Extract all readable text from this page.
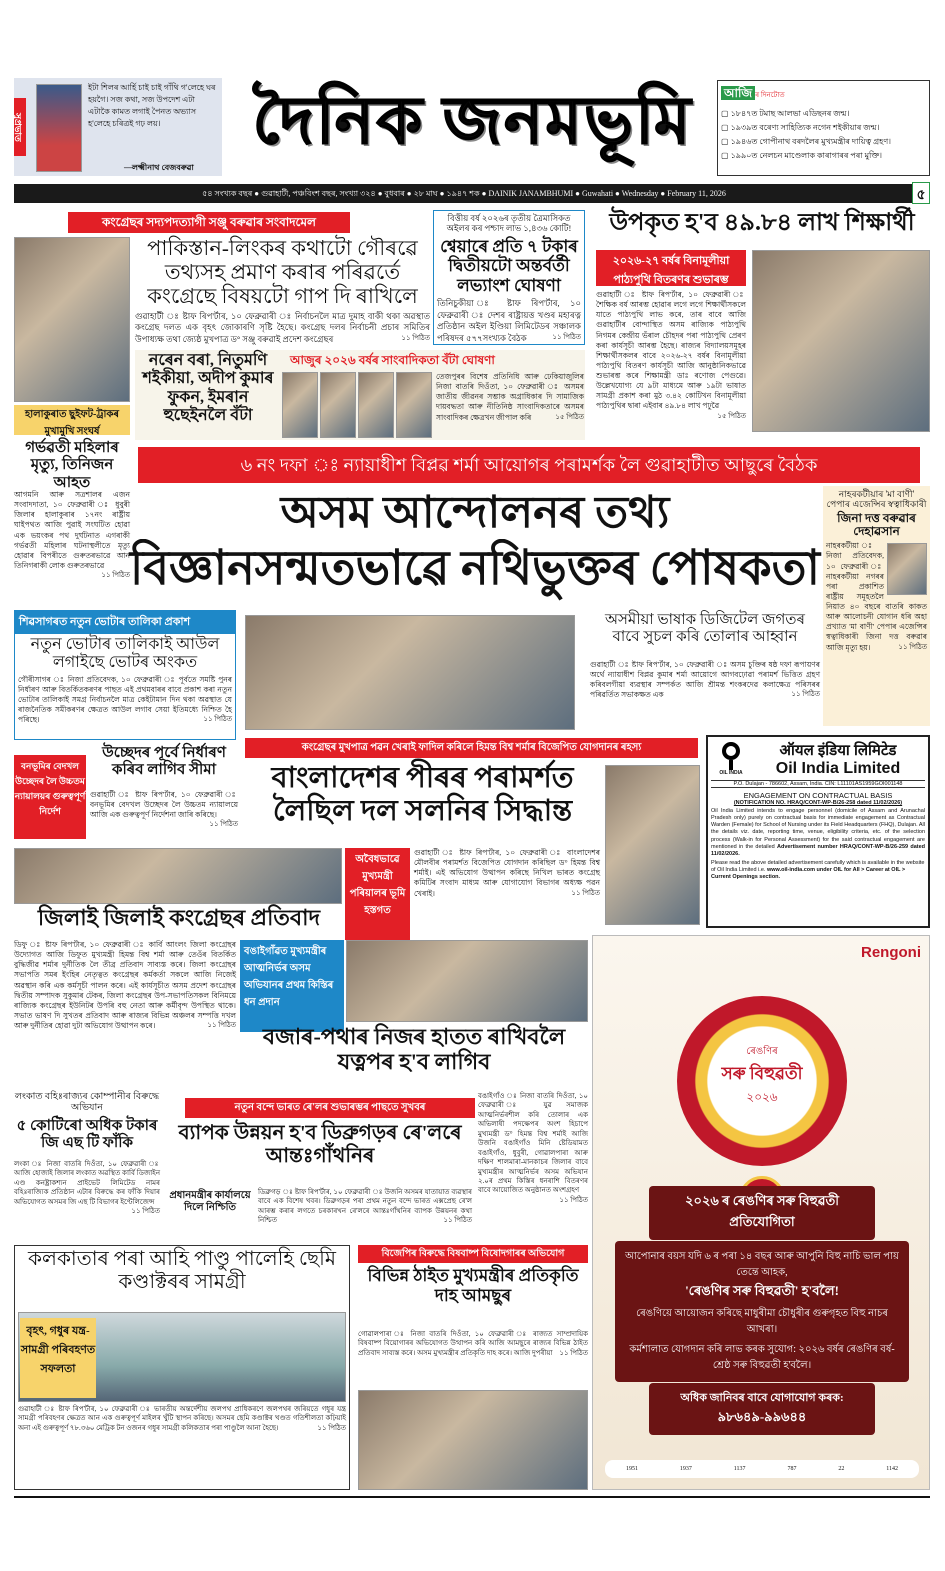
সুপ্ৰভাত
ইটা শিলৰ আৰ্হি চাই চাই গাঁথি গ'লেহে ঘৰ হয়গৈ। সজ কথা, সজ উপদেশ এটা এটাকৈ কামত লগাই পৈনত অভ্যাস হ'লেহে চৰিত্ৰই গঢ় লয়।
—লক্ষ্মীনাথ বেজবৰুৱা
দৈনিক জনমভূমি	আজি ৰ দিনটোত
▢ ১৮৪৭ত টমাছ আলভা এডিছনৰ জন্ম।
▢ ১৯৩৯ত বৰেণ্য সাহিত্যিক নগেন শইকীয়াৰ জন্ম।
▢ ১৯৪৬ত গোপীনাথ বৰদলৈৰ মুখ্যমন্ত্ৰীৰ দায়িত্ব গ্ৰহণ।
▢ ১৯৯০ত নেলচন মাণ্ডেলাক কাৰাগাৰৰ পৰা মুক্তি।
৫৪ সংখ্যক বছৰ ● গুৱাহাটী, পঞ্চবিংশ বছৰ, সংখ্যা ৩২৪ ● বুধবাৰ ● ২৮ মাঘ ● ১৯৪৭ শক ● DAINIK JANAMBHUMI ● Guwahati ● Wednesday ● February 11, 2026	৫
কংগ্ৰেছৰ সদ্যপদত্যাগী সঞ্জু বৰুৱাৰ সংবাদমেল
হালাকুৰাত ছুইফট-ট্ৰাকৰ মুখামুখি সংঘৰ্ষ
পাকিস্তান-লিংকৰ কথাটো গৌৰৱে তথ্যসহ প্ৰমাণ কৰাৰ পৰিৱৰ্তে কংগ্ৰেছে বিষয়টো গাপ দি ৰাখিলে
গুৱাহাটী ঃ ষ্টাফ ৰিপ'ৰ্টাৰ, ১০ ফেব্ৰুৱাৰী ঃ নিৰ্বাচনলৈ মাত্ৰ দুমাহ বাকী থকা অৱস্থাত কংগ্ৰেছ দলত এক বৃহৎ জোকাৰণি সৃষ্টি হৈছে। কংগ্ৰেছ দলৰ নিৰ্বাচনী প্ৰচাৰ সমিতিৰ উপাধ্যক্ষ তথা জ্যেষ্ঠ মুখপাত্ৰ ড° সঞ্জু বৰুৱাই প্ৰদেশ কংগ্ৰেছৰ	১১ পিঠিত
বিত্তীয় বৰ্ষ ২০২৬ৰ তৃতীয় ত্ৰৈমাসিকত অইলৰ কৰ পশ্চাদ লাভ ১,৪৩৬ কোটি!
শ্বেয়াৰে প্ৰতি ৭ টকাৰ দ্বিতীয়টো অন্তৰ্বৰ্তী লভ্যাংশ ঘোষণা
তিনিচুকীয়া ঃ ষ্টাফ ৰিপ'ৰ্টাৰ, ১০ ফেব্ৰুৱাৰী ঃ দেশৰ ৰাষ্ট্ৰায়ত্ত খণ্ডৰ মহাৰত্ন প্ৰতিষ্ঠান অইল ইণ্ডিয়া লিমিটেডৰ সঞ্চালক পৰিষদৰ ৫৭৭সংখ্যক বৈঠক	১১ পিঠিত
নৰেন বৰা, নিতুমণি শইকীয়া, অদীপ কুমাৰ ফুকন, ইমৰান হুছেইনলৈ বঁটা
আজুৰ ২০২৬ বৰ্ষৰ সাংবাদিকতা বঁটা ঘোষণা
তেজপুৰৰ বিশেষ প্ৰতিনিধি আৰু ঢেকিয়াজুলিৰ নিজা বাতৰি দিওঁতা, ১০ ফেব্ৰুৱাৰী ঃ অসমৰ জাতীয় জীৱনৰ সম্ভাক অগ্ৰাধিকাৰ দি সামাজিক দায়বদ্ধতা আৰু নীতিনিষ্ঠ সাংবাদিকতাৰে অসমৰ সাংবাদিকৰ ক্ষেত্ৰখন জীপাল কৰি	১৫ পিঠিত
উপকৃত হ'ব ৪৯.৮৪ লাখ শিক্ষাৰ্থী
২০২৬-২৭ বৰ্ষৰ বিনামূলীয়া পাঠ্যপুথি বিতৰণৰ শুভাৰম্ভ
গুৱাহাটী ঃ ষ্টাফ ৰিপ'ৰ্টাৰ, ১০ ফেব্ৰুৱাৰী ঃ শৈক্ষিক বৰ্ষ আৰম্ভ হোৱাৰ লগে লগে শিক্ষাৰ্থীসকলে যাতে পাঠ্যপুথি লাভ কৰে, তাৰ বাবে আজি গুৱাহাটীৰ বোন্দাস্থিত অসম ৰাজ্যিক পাঠ্যপুথি নিগমৰ কেন্দ্ৰীয় ভঁৰাল চৌহদৰ পৰা পাঠ্যপুথি প্ৰেৰণ কৰা কাৰ্যসূচী আৰম্ভ হৈছে। ৰাজ্যৰ বিদ্যালয়সমূহৰ শিক্ষাৰ্থীসকলৰ বাবে ২০২৬-২৭ বৰ্ষৰ বিনামূলীয়া পাঠ্যপুথি বিতৰণ কাৰ্যসূচী আজি আনুষ্ঠানিকভাৱে শুভাৰম্ভ কৰে শিক্ষামন্ত্ৰী ডাঃ ৰণোজ পেগুৱে। উল্লেখযোগ্য যে ৯টা মাধ্যমে আৰু ১৯টা ভাষাত সামগ্ৰী প্ৰকাশ কৰা মুঠ ৩.৪২ কোটিখন বিনামূলীয়া পাঠ্যপুথিৰ দ্বাৰা এইবাৰ ৪৯.৮৪ লাখ পঢ়ুৱৈ
১৫ পিঠিত
গৰ্ভৱতী মহিলাৰ মৃত্যু, তিনিজন আহত
আগমনি আৰু সত্ৰশালৰ এজন সংবাদদাতা, ১০ ফেব্ৰুৱাৰী ঃ ধুবুৰী জিলাৰ হালাকুৰাৰ ১৭নং ৰাষ্ট্ৰীয় ঘাইপথত আজি পুৱাই সংঘটিত হোৱা এক ভয়ংকৰ পথ দুৰ্ঘটনাত এগৰাকী গৰ্ভৱতী মহিলাৰ ঘটনাস্থলীতে মৃত্যু হোৱাৰ বিপৰীতে গুৰুতৰভাৱে আন তিনিগৰাকী লোক গুৰুতৰভাৱে
১১ পিঠিত
৬ নং দফা ঃ ন্যায়াধীশ বিপ্লৱ শৰ্মা আয়োগৰ পৰামৰ্শক লৈ গুৱাহাটীত আছুৰে বৈঠক
অসম আন্দোলনৰ তথ্য
বিজ্ঞানসন্মতভাৱে নথিভুক্তৰ পোষকতা
নাহৰকটীয়াৰ 'মা বাণী' পেপাৰ এজেন্সিৰ স্বত্বাধিকাৰী
জিনা দত্ত বৰুৱাৰ দেহাৱসান
নাহৰকটীয়া ঃ নিজা প্ৰতিবেদক, ১০ ফেব্ৰুৱাৰী ঃ নাহৰকটীয়া নগৰৰ পৰা প্ৰকাশিত ৰাষ্ট্ৰীয় সমূহতলৈ নিয়াত ৪০ বছৰে বাতৰি কাকত আৰু আলোচনী যোগান ধৰি অহা প্ৰখ্যাত 'মা বাণী' পেপাৰ এজেন্সিৰ স্বত্বাধিকাৰী জিনা দত্ত বৰুৱাৰ আজি মৃত্যু হয়।	১১ পিঠিত
শিৱসাগৰত নতুন ভোটাৰ তালিকা প্ৰকাশ
নতুন ভোটাৰ তালিকাই আউল লগাইছে ভোটৰ অংকত
গৌৰীসাগৰ ঃ নিজা প্ৰতিবেদক, ১০ ফেব্ৰুৱাৰী ঃ পূৰ্বতে সমষ্টি পুনৰ নিৰ্ধাৰণ আৰু বিতৰ্কিতকৰণৰ পাছত এই প্ৰথমবাৰৰ বাবে প্ৰকাশ কৰা নতুন ভোটাৰ তালিকাই সমগ্ৰ নিৰ্বাচনলৈ মাত্ৰ কেইটামান দিন থকা অৱস্থাত যে ৰাজনৈতিক সমীকৰণৰ ক্ষেত্ৰত আউল লগাব সেয়া ইতিমধ্যে নিশ্চিত হৈ পৰিছে।	১১ পিঠিত
অসমীয়া ভাষাক ডিজিটেল জগতৰ বাবে সুচল কৰি তোলাৰ আহ্বান
গুৱাহাটী ঃ ষ্টাফ ৰিপ'ৰ্টাৰ, ১০ ফেব্ৰুৱাৰী ঃ অসম চুক্তিৰ ষষ্ঠ দফা ৰূপায়ণৰ অৰ্থে ন্যায়াধীশ বিপ্লৱ কুমাৰ শৰ্মা আয়োগে আগবঢ়োৱা পৰামৰ্শ ভিত্তিত গ্ৰহণ কৰিবলগীয়া ব্যৱস্থাৰ সম্পৰ্কত আজি শ্ৰীমন্ত শংকৰদেৱ কলাক্ষেত্ৰ পৰিসৰৰ পৰিৱৰ্তিত সভাকক্ষত এক	১১ পিঠিত
কংগ্ৰেছৰ মুখপাত্ৰ পৱন খেৰাই ফাদিল কৰিলে হিমন্ত বিশ্ব শৰ্মাৰ বিজেপিত যোগদানৰ ৰহস্য
বাংলাদেশৰ পীৰৰ পৰামৰ্শত লৈছিল দল সলনিৰ সিদ্ধান্ত
অবৈধভাৱে মুখ্যমন্ত্ৰী পৰিয়ালৰ ভূমি হস্তগত
গুৱাহাটী ঃ ষ্টাফ ৰিপ'ৰ্টাৰ, ১০ ফেব্ৰুৱাৰী ঃ বাংলাদেশৰ মৌলবীৰ পৰামৰ্শত বিজেপিত যোগদান কৰিছিল ড° হিমন্ত বিশ্ব শৰ্মাই। এই অভিযোগ উত্থাপন কৰিছে নিখিল ভাৰত কংগ্ৰেছ কমিটিৰ সংবাদ মাধ্যম আৰু যোগাযোগ বিভাগৰ অধ্যক্ষ পৱন খেৰাই।	১১ পিঠিত
বনভূমিৰ বেদখল উচ্ছেদৰ লৈ উচ্চতম ন্যায়ালয়ৰ গুৰুত্বপূৰ্ণ নিৰ্দেশ
উচ্ছেদৰ পূৰ্বে নিৰ্ধাৰণ কৰিব লাগিব সীমা
গুৱাহাটী ঃ ষ্টাফ ৰিপ'ৰ্টাৰ, ১০ ফেব্ৰুৱাৰী ঃ বনভূমিৰ বেদখল উচ্ছেদৰ লৈ উচ্চতম ন্যায়ালয়ে আজি এক গুৰুত্বপূৰ্ণ নিৰ্দেশনা জাৰি কৰিছে।
১১ পিঠিত
OIL INDIA
ऑयल इंडिया लिमिटेड
Oil India Limited
P.O. Dulajan - 786602, Assam, India. CIN: L11101AS1959GOI001148
ENGAGEMENT ON CONTRACTUAL BASIS
(NOTIFICATION NO. HRAQ/CONT-WP-B/26-258 dated 11/02/2026)
Oil India Limited intends to engage personnel (domicile of Assam and Arunachal Pradesh only) purely on contractual basis for immediate engagement as Contractual Warden (Female) for School of Nursing under its Field Headquarters (FHQ), Dulajan. All the details viz. date, reporting time, venue, eligibility criteria, etc. of the selection process (Walk-in for Personal Assessment) for the said contractual engagement are mentioned in the detailed Advertisement number HRAQ/CONT-WP-B/26-259 dated 11/02/2026.
Please read the above detailed advertisement carefully which is available in the website of Oil India Limited i.e. www.oil-india.com under OIL for All > Career at OIL > Current Openings section.
জিলাই জিলাই কংগ্ৰেছৰ প্ৰতিবাদ
ডিফু ঃ ষ্টাফ ৰিপ'ৰ্টাৰ, ১০ ফেব্ৰুৱাৰী ঃ কাৰ্বি আংলং জিলা কংগ্ৰেছৰ উদ্যোগত আজি ডিফুত মুখ্যমন্ত্ৰী হিমন্ত বিশ্ব শৰ্মা আৰু তেওঁৰ বিতৰ্কিত বুদ্ধিজীৱ শৰ্মাৰ দুৰ্নীতিক লৈ তীব্ৰ প্ৰতিবাদ সাব্যস্ত কৰে। জিলা কংগ্ৰেছৰ সভাপতি সমৰ ইংহিৰ নেতৃত্বত কংগ্ৰেছৰ কৰ্মকৰ্তা সকলে আজি নিজেই অৱস্থান কৰি এক কৰ্মসূচী পালন কৰে। এই কাৰ্যসূচীত অসম প্ৰদেশ কংগ্ৰেছৰ দ্বিতীয় সম্পাদক সুকুমাৰ টেকৰ, জিলা কংগ্ৰেছৰ উপ-সভাপতিসকল বিনিময়ে ৰাজ্যিক কংগ্ৰেছৰ ইউনিটৰ উপৰি বহু নেতা আৰু কৰ্মীবৃন্দ উপস্থিত থাকে। সভাত ভাষণ দি সুখতৰ প্ৰতিবাদ আৰু ৰাজ্যৰ বিভিন্ন অঞ্চলৰ সম্পত্তি দখল আৰু দুৰ্নীতিৰ হোৱা দুটা অভিযোগ উত্থাপন কৰে।	১১ পিঠিত
বঙাইগাঁৱত মুখ্যমন্ত্ৰীৰ আত্মনিৰ্ভৰ অসম অভিযানৰ প্ৰথম কিস্তিৰ ধন প্ৰদান
বজাৰ-পথাৰ নিজৰ হাতত ৰাখিবলৈ যত্নপৰ হ'ব লাগিব
লংকাত বহিঃৰাজ্যৰ কোম্পানীৰ বিৰুদ্ধে অভিযান
৫ কোটিৰো অধিক টকাৰ জি এছ টি ফাঁকি
লংকা ঃ নিজা বাতৰি দিওঁতা, ১০ ফেব্ৰুৱাৰী ঃ আজি হোজাই জিলাৰ লংকাত অৱস্থিত কাৰ্বি ডিজাইন এণ্ড কনষ্ট্ৰাকশ্যন প্ৰাইভেট লিমিটেড নামৰ বহিঃৰাজ্যিক প্ৰতিষ্ঠান এটাৰ বিৰুদ্ধে কৰ ফাঁকি দিয়াৰ অভিযোগত অসমৰ জি এছ টি বিভাগৰ ইণ্টেলিজেন্স
১১ পিঠিত
নতুন বন্দে ভাৰত ৰে'লৰ শুভাৰম্ভৰ পাছতে সুখবৰ
ব্যাপক উন্নয়ন হ'ব ডিব্ৰুগড়ৰ ৰে'লৰে আন্তঃগাঁথনিৰ
প্ৰধানমন্ত্ৰীৰ কাৰ্যালয়ে দিলে নিশ্চিতি
ডিব্ৰুগড় ঃ ষ্টাফ ৰিপ'ৰ্টাৰ, ১০ ফেব্ৰুৱাৰী ঃ উজনি অসমৰ যাতায়াত ব্যৱস্থাৰ বাবে এক বিশেষ খবৰ। ডিব্ৰুগড়ৰ পৰা প্ৰথম নতুন বন্দে ভাৰত এক্সপ্ৰেছ ৰে'ল আৰম্ভ কৰাৰ লগতে চৰকাৰখন ৰে'লৰে আন্তঃগাঁথনিৰ ব্যাপক উন্নয়নৰ কথা নিশ্চিত	১১ পিঠিত
বঙাইগাঁও ঃ নিজা বাতৰি দিওঁতা, ১০ ফেব্ৰুৱাৰী ঃ যুৱ সমাজক আত্মনিৰ্ভৰশীল কৰি তোলাৰ এক অভিলাষী পদক্ষেপৰ অংশ হিচাপে মুখ্যমন্ত্ৰী ড° হিমন্ত বিশ্ব শৰ্মাই আজি উজনি বঙাইগাঁও মিনি ষ্টেডিয়ামত বঙাইগাঁও, ধুবুৰী, গোৱালপাৰা আৰু দক্ষিণ শালমাৰা-মানকাচৰ জিলাৰ বাবে মুখ্যমন্ত্ৰীৰ আত্মনিৰ্ভৰ অসম অভিযান ২.০ৰ প্ৰথম কিস্তিৰ ধনৰাশি বিতৰণৰ বাবে আয়োজিত অনুষ্ঠানত অংশগ্ৰহণ
১১ পিঠিত
কলকাতাৰ পৰা আহি পাণ্ডু পালেহি ছেমি কণ্ডাক্টৰৰ সামগ্ৰী
বৃহৎ, গধুৰ যন্ত্ৰ-সামগ্ৰী পৰিবহণত সফলতা
গুৱাহাটী ঃ ষ্টাফ ৰিপ'ৰ্টাৰ, ১০ ফেব্ৰুৱাৰী ঃ ভাৰতীয় অন্তৰ্দেশীয় জলপথ প্ৰাধিকৰণে জলপথৰ জৰিয়তে গধুৰ যন্ত্ৰ সামগ্ৰী পৰিবহণৰ ক্ষেত্ৰত আন এক গুৰুত্বপূৰ্ণ মাইলৰ খুঁটি স্থাপন কৰিছে। অসমৰ ছেমি কণ্ডাক্টৰ খণ্ডত গতিশীলতা কঢ়িয়াই অনা এই গুৰুত্বপূৰ্ণ ৭৮.৩৬০ মেট্ৰিক টন ওজনৰ গধুৰ সামগ্ৰী কলিকতাৰ পৰা পাণ্ডুলৈ আনা হৈছে।	১১ পিঠিত
বিজেপিৰ বিৰুদ্ধে বিষবাষ্প বিষোদগাৰৰ অভিযোগ
বিভিন্ন ঠাইত মুখ্যমন্ত্ৰীৰ প্ৰতিকৃতি দাহ আমছুৰ
গোৱালপাৰা ঃ নিজা বাতৰি দিওঁতা, ১০ ফেব্ৰুৱাৰী ঃ ৰাজ্যত সাম্প্ৰদায়িক বিষবাষ্প বিয়োগাৰৰ অভিযোগত উত্থাপন কৰি আজি আমছুৰে ৰাজ্যৰ বিভিন্ন ঠাইত প্ৰতিবাদ সাব্যস্ত কৰে। অসম মুখ্যমন্ত্ৰীৰ প্ৰতিকৃতি দাহ কৰে। আজি দুপৰীয়া ১১ পিঠিত
Rengoni
ৰেঙণিৰ
সৰু বিহুৱতী
২০২৬
২০২৬ ৰ ৰেঙণিৰ সৰু বিহুৱতী প্ৰতিযোগিতা
আপোনাৰ বয়স যদি ৬ ৰ পৰা ১৪ বছৰ আৰু আপুনি বিহু নাচি ভাল পায় তেন্তে আহক,
'ৰেঙণিৰ সৰু বিহুৱতী' হ'বলৈ!
ৰেঙণিয়ে আয়োজন কৰিছে মাধুৰীমা চৌধুৰীৰ গুৰুগৃহত বিহু নাচৰ আখৰা।
কৰ্মশালাত যোগদান কৰি লাভ কৰক সুযোগ: ২০২৬ বৰ্ষৰ ৰেঙণিৰ বৰ্ষ-শ্ৰেষ্ঠ সৰু বিহুৱতী হ'বলৈ।
অধিক জানিবৰ বাবে যোগাযোগ কৰক:
৯৮৬৪৯-৯৯৬৪৪
1951	1937	1137	787	22	1142
